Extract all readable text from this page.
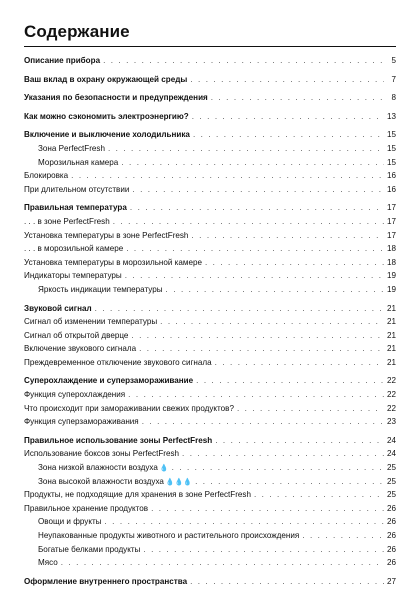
Содержание
Описание прибора . . .	5
Ваш вклад в охрану окружающей среды . . .	7
Указания по безопасности и предупреждения . . .	8
Как можно сэкономить электроэнергию? . . .	13
Включение и выключение холодильника . . .	15
Зона PerfectFresh . . .	15
Морозильная камера . . .	15
Блокировка . . .	16
При длительном отсутствии . . .	16
Правильная температура . . .	17
. . . в зоне PerfectFresh . . .	17
Установка температуры в зоне PerfectFresh . . .	17
. . . в морозильной камере . . .	18
Установка температуры в морозильной камере . . .	18
Индикаторы температуры . . .	19
Яркость индикации температуры . . .	19
Звуковой сигнал . . .	21
Сигнал об изменении температуры . . .	21
Сигнал об открытой дверце . . .	21
Включение звукового сигнала . . .	21
Преждевременное отключение звукового сигнала . . .	21
Суперохлаждение и суперзамораживание . . .	22
Функция суперохлаждения . . .	22
Что происходит при замораживании свежих продуктов? . . .	22
Функция суперзамораживания . . .	23
Правильное использование зоны PerfectFresh . . .	24
Использование боксов зоны PerfectFresh . . .	24
Зона низкой влажности воздуха 💧 . . .	25
Зона высокой влажности воздуха 💧💧💧 . . .	25
Продукты, не подходящие для хранения в зоне PerfectFresh . . .	25
Правильное хранение продуктов . . .	26
Овощи и фрукты . . .	26
Неупакованные продукты животного и растительного происхождения . . .	26
Богатые белками продукты . . .	26
Мясо . . .	26
Оформление внутреннего пространства . . .	27
